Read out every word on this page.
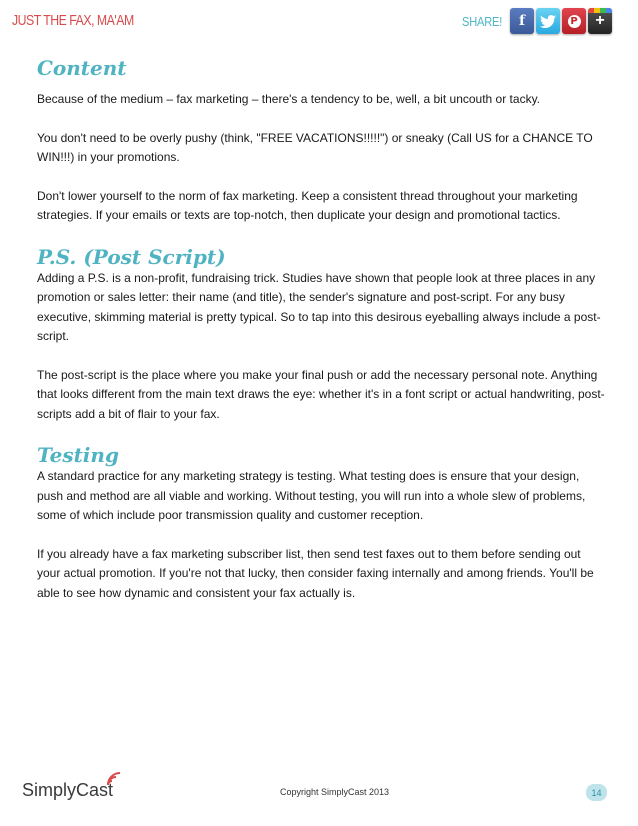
JUST THE FAX, MA'AM	SHARE! f	P +
Content

Because of the medium – fax marketing – there's a tendency to be, well, a bit uncouth or tacky.

You don't need to be overly pushy (think, "FREE VACATIONS!!!!!") or sneaky (Call US for a CHANCE TO WIN!!!) in your promotions.

Don't lower yourself to the norm of fax marketing. Keep a consistent thread throughout your marketing strategies. If your emails or texts are top-notch, then duplicate your design and promotional tactics.

P.S. (Post Script)

Adding a P.S. is a non-profit, fundraising trick. Studies have shown that people look at three places in any promotion or sales letter: their name (and title), the sender's signature and post-script. For any busy executive, skimming material is pretty typical. So to tap into this desirous eyeballing always include a post-script.

The post-script is the place where you make your final push or add the necessary personal note. Anything that looks different from the main text draws the eye: whether it's in a font script or actual handwriting, post-scripts add a bit of flair to your fax.

Testing

A standard practice for any marketing strategy is testing. What testing does is ensure that your design, push and method are all viable and working. Without testing, you will run into a whole slew of problems, some of which include poor transmission quality and customer reception.

If you already have a fax marketing subscriber list, then send test faxes out to them before sending out your actual promotion. If you're not that lucky, then consider faxing internally and among friends. You'll be able to see how dynamic and consistent your fax actually is.

SimplyCast	Copyright SimplyCast 2013	14
